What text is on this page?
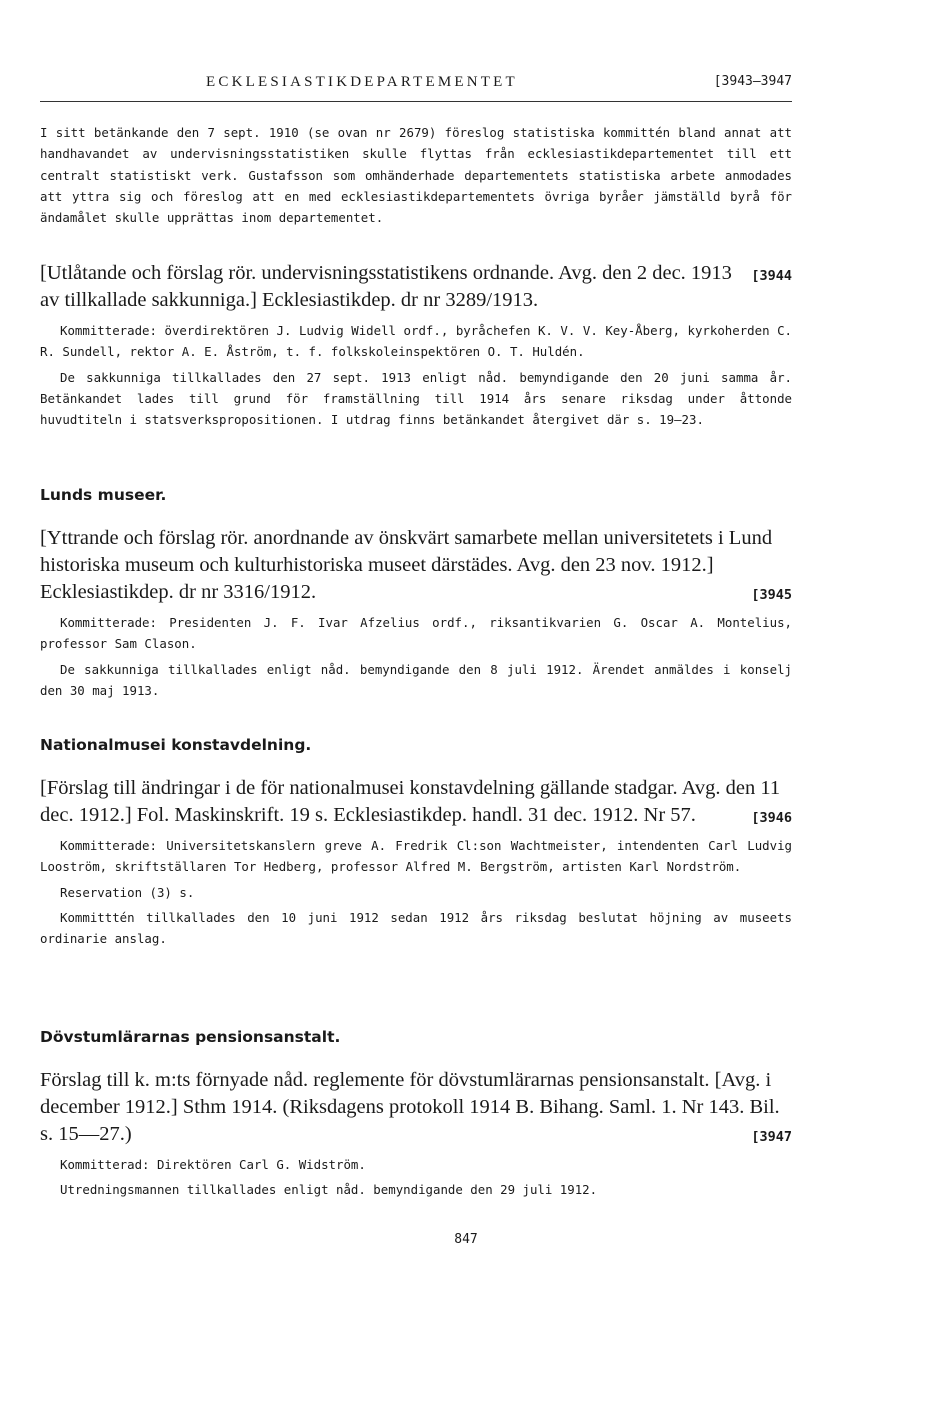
ECKLESIASTIKDEPARTEMENTET	[3943—3947

I sitt betänkande den 7 sept. 1910 (se ovan nr 2679) föreslog statistiska kommittén bland annat att handhavandet av undervisningsstatistiken skulle flyttas från ecklesiastikdepartementet till ett centralt statistiskt verk. Gustafsson som omhänderhade departementets statistiska arbete anmodades att yttra sig och föreslog att en med ecklesiastikdepartementets övriga byråer jämställd byrå för ändamålet skulle upprättas inom departementet.

[3944
[Utlåtande och förslag rör. undervisningsstatistikens ordnande. Avg. den 2 dec. 1913 av tillkallade sakkunniga.] Ecklesiastikdep. dr nr 3289/1913.

Kommitterade: överdirektören J. Ludvig Widell ordf., byråchefen K. V. V. Key-Åberg, kyrkoherden C. R. Sundell, rektor A. E. Åström, t. f. folkskoleinspektören O. T. Huldén.

De sakkunniga tillkallades den 27 sept. 1913 enligt nåd. bemyndigande den 20 juni samma år. Betänkandet lades till grund för framställning till 1914 års senare riksdag under åttonde huvudtiteln i statsverkspropositionen. I utdrag finns betänkandet återgivet där s. 19—23.

Lunds museer.
[Yttrande och förslag rör. anordnande av önskvärt samarbete mellan universitetets i Lund historiska museum och kulturhistoriska museet därstädes. Avg. den 23 nov. 1912.] Ecklesiastikdep. dr nr 3316/1912.	[3945

Kommitterade: Presidenten J. F. Ivar Afzelius ordf., riksantikvarien G. Oscar A. Montelius, professor Sam Clason.

De sakkunniga tillkallades enligt nåd. bemyndigande den 8 juli 1912. Ärendet anmäldes i konselj den 30 maj 1913.

Nationalmusei konstavdelning.
[Förslag till ändringar i de för nationalmusei konstavdelning gällande stadgar. Avg. den 11 dec. 1912.] Fol. Maskinskrift. 19 s. Ecklesiastikdep. handl. 31 dec. 1912. Nr 57.	[3946

Kommitterade: Universitetskanslern greve A. Fredrik Cl:son Wachtmeister, intendenten Carl Ludvig Looström, skriftställaren Tor Hedberg, professor Alfred M. Bergström, artisten Karl Nordström.

Reservation (3) s.

Kommitttén tillkallades den 10 juni 1912 sedan 1912 års riksdag beslutat höjning av museets ordinarie anslag.

Dövstumlärarnas pensionsanstalt.
Förslag till k. m:ts förnyade nåd. reglemente för dövstumlärarnas pensionsanstalt. [Avg. i december 1912.] Sthm 1914. (Riksdagens protokoll 1914 B. Bihang. Saml. 1. Nr 143. Bil. s. 15—27.)	[3947

Kommitterad: Direktören Carl G. Widström.

Utredningsmannen tillkallades enligt nåd. bemyndigande den 29 juli 1912.

847
